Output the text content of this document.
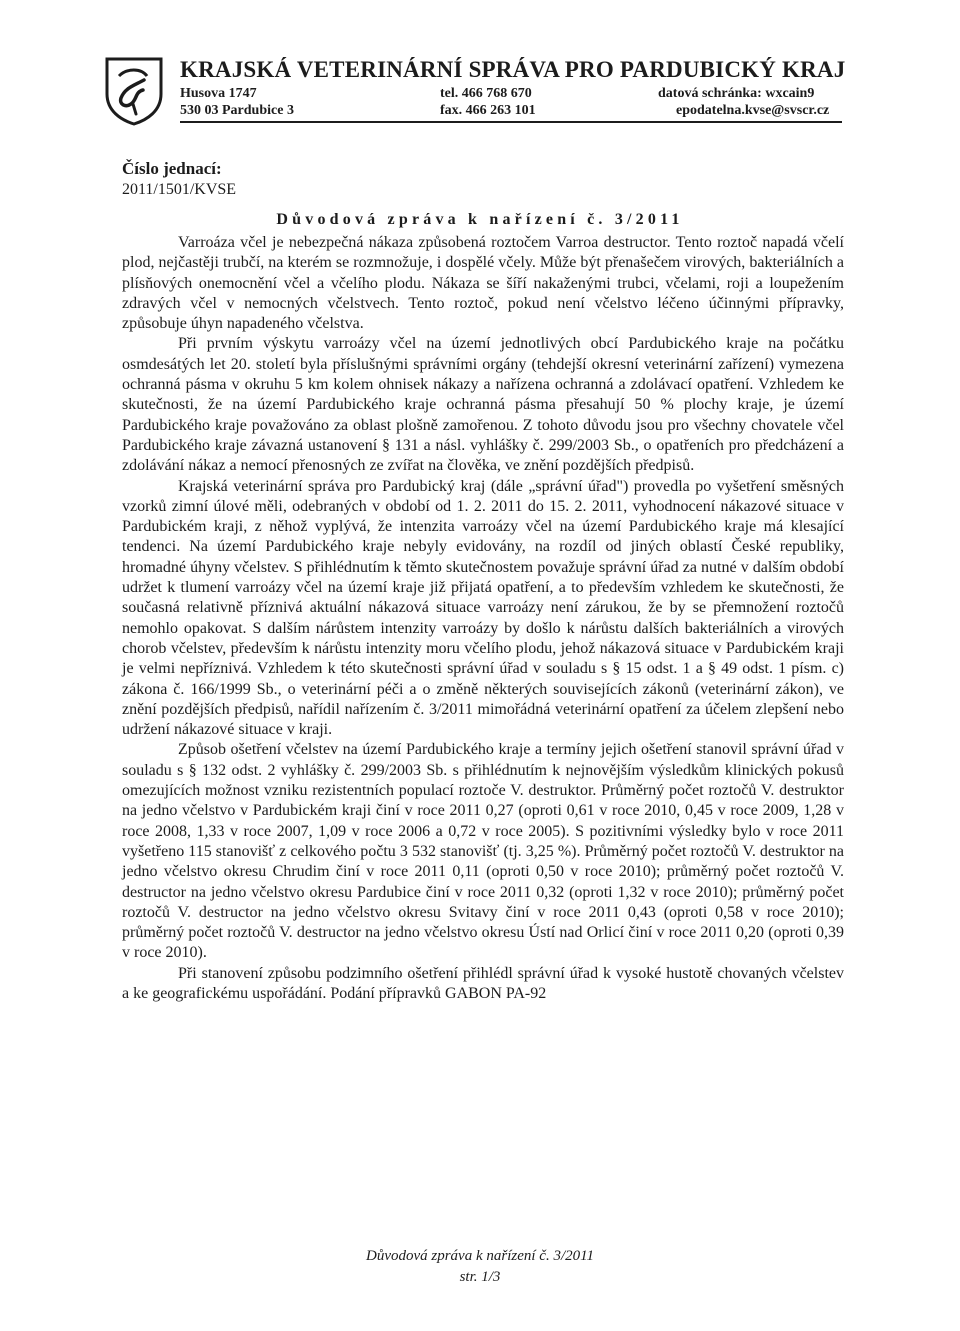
KRAJSKÁ VETERINÁRNÍ SPRÁVA PRO PARDUBICKÝ KRAJ
Husova 1747
530 03 Pardubice 3
tel. 466 768 670
fax. 466 263 101
datová schránka: wxcain9
epodatelna.kvse@svscr.cz
Číslo jednací:
2011/1501/KVSE
Důvodová zpráva k nařízení č. 3/2011

Varroáza včel je nebezpečná nákaza způsobená roztočem Varroa destructor. Tento roztoč napadá včelí plod, nejčastěji trubčí, na kterém se rozmnožuje, i dospělé včely. Může být přenašečem virových, bakteriálních a plísňových onemocnění včel a včelího plodu. Nákaza se šíří nakaženými trubci, včelami, roji a loupežením zdravých včel v nemocných včelstvech. Tento roztoč, pokud není včelstvo léčeno účinnými přípravky, způsobuje úhyn napadeného včelstva.

Při prvním výskytu varroázy včel na území jednotlivých obcí Pardubického kraje na počátku osmdesátých let 20. století byla příslušnými správními orgány (tehdejší okresní veterinární zařízení) vymezena ochranná pásma v okruhu 5 km kolem ohnisek nákazy a nařízena ochranná a zdolávací opatření. Vzhledem ke skutečnosti, že na území Pardubického kraje ochranná pásma přesahují 50 % plochy kraje, je území Pardubického kraje považováno za oblast plošně zamořenou. Z tohoto důvodu jsou pro všechny chovatele včel Pardubického kraje závazná ustanovení § 131 a násl. vyhlášky č. 299/2003 Sb., o opatřeních pro předcházení a zdolávání nákaz a nemocí přenosných ze zvířat na člověka, ve znění pozdějších předpisů.

Krajská veterinární správa pro Pardubický kraj (dále „správní úřad") provedla po vyšetření směsných vzorků zimní úlové měli, odebraných v období od 1. 2. 2011 do 15. 2. 2011, vyhodnocení nákazové situace v Pardubickém kraji, z něhož vyplývá, že intenzita varroázy včel na území Pardubického kraje má klesající tendenci. Na území Pardubického kraje nebyly evidovány, na rozdíl od jiných oblastí České republiky, hromadné úhyny včelstev. S přihlédnutím k těmto skutečnostem považuje správní úřad za nutné v dalším období udržet k tlumení varroázy včel na území kraje již přijatá opatření, a to především vzhledem ke skutečnosti, že současná relativně příznivá aktuální nákazová situace varroázy není zárukou, že by se přemnožení roztočů nemohlo opakovat. S dalším nárůstem intenzity varroázy by došlo k nárůstu dalších bakteriálních a virových chorob včelstev, především k nárůstu intenzity moru včelího plodu, jehož nákazová situace v Pardubickém kraji je velmi nepříznivá. Vzhledem k této skutečnosti správní úřad v souladu s § 15 odst. 1 a § 49 odst. 1 písm. c) zákona č. 166/1999 Sb., o veterinární péči a o změně některých souvisejících zákonů (veterinární zákon), ve znění pozdějších předpisů, nařídil nařízením č. 3/2011 mimořádná veterinární opatření za účelem zlepšení nebo udržení nákazové situace v kraji.

Způsob ošetření včelstev na území Pardubického kraje a termíny jejich ošetření stanovil správní úřad v souladu s § 132 odst. 2 vyhlášky č. 299/2003 Sb. s přihlédnutím k nejnovějším výsledkům klinických pokusů omezujících možnost vzniku rezistentních populací roztoče V. destruktor. Průměrný počet roztočů V. destruktor na jedno včelstvo v Pardubickém kraji činí v roce 2011 0,27 (oproti 0,61 v roce 2010, 0,45 v roce 2009, 1,28 v roce 2008, 1,33 v roce 2007, 1,09 v roce 2006 a 0,72 v roce 2005). S pozitivními výsledky bylo v roce 2011 vyšetřeno 115 stanovišť z celkového počtu 3 532 stanovišť (tj. 3,25 %). Průměrný počet roztočů V. destruktor na jedno včelstvo okresu Chrudim činí v roce 2011 0,11 (oproti 0,50 v roce 2010); průměrný počet roztočů V. destructor na jedno včelstvo okresu Pardubice činí v roce 2011 0,32 (oproti 1,32 v roce 2010); průměrný počet roztočů V. destructor na jedno včelstvo okresu Svitavy činí v roce 2011 0,43 (oproti 0,58 v roce 2010); průměrný počet roztočů V. destructor na jedno včelstvo okresu Ústí nad Orlicí činí v roce 2011 0,20 (oproti 0,39 v roce 2010).

Při stanovení způsobu podzimního ošetření přihlédl správní úřad k vysoké hustotě chovaných včelstev a ke geografickému uspořádání. Podání přípravků GABON PA-92

Důvodová zpráva k nařízení č. 3/2011
str. 1/3
